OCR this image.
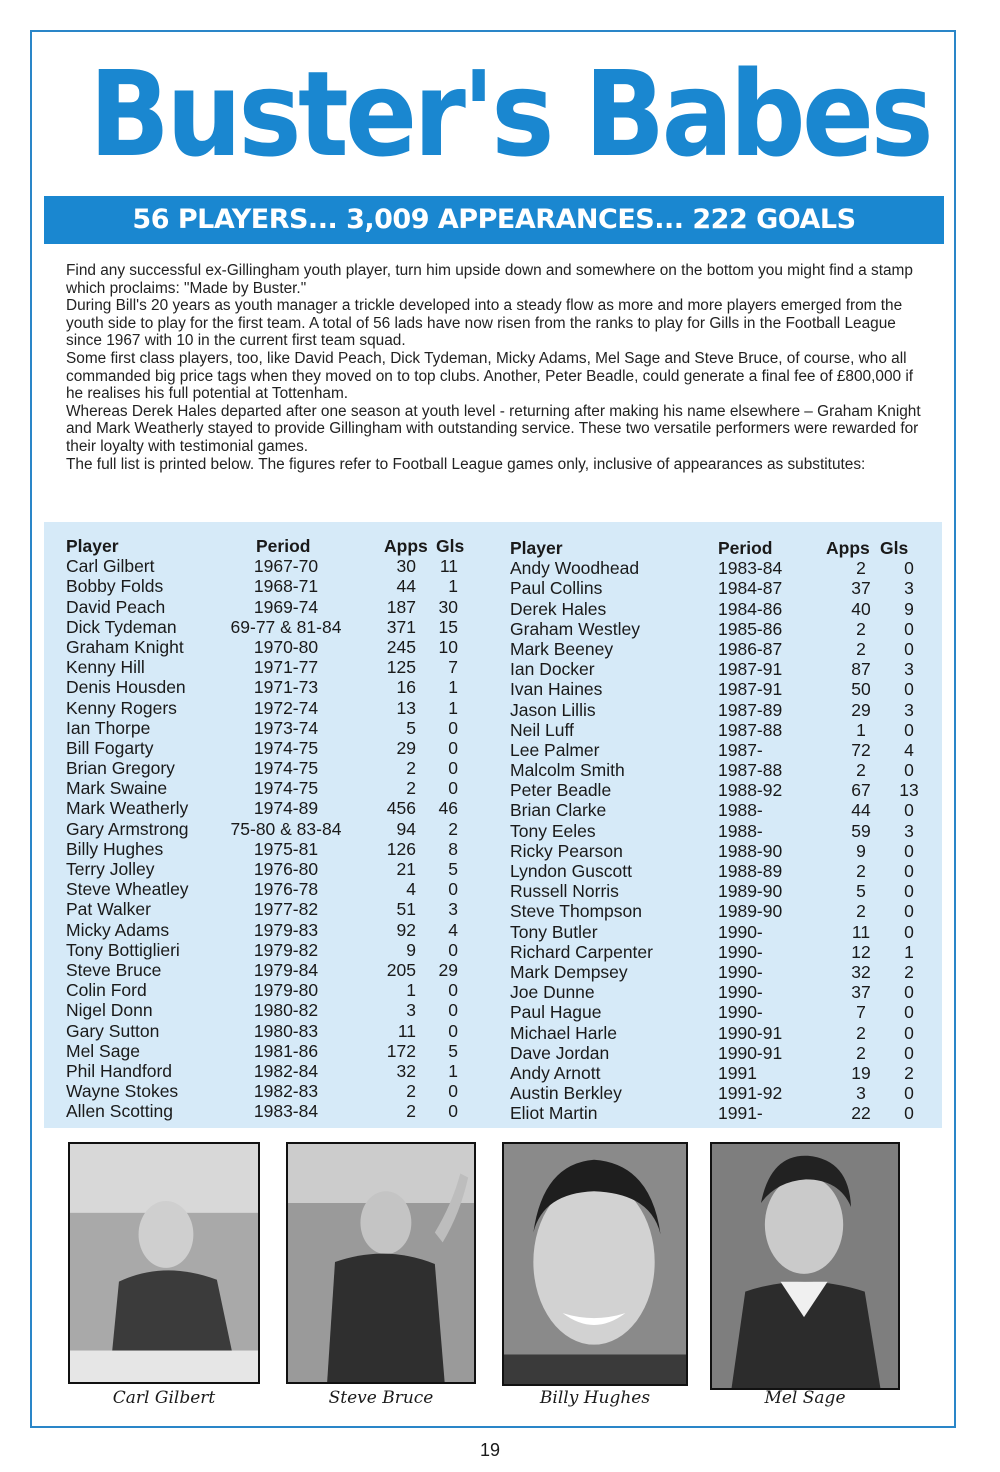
Buster's Babes
56 PLAYERS... 3,009 APPEARANCES... 222 GOALS

Find any successful ex-Gillingham youth player, turn him upside down and somewhere on the bottom you might find a stamp which proclaims: "Made by Buster."

During Bill's 20 years as youth manager a trickle developed into a steady flow as more and more players emerged from the youth side to play for the first team. A total of 56 lads have now risen from the ranks to play for Gills in the Football League since 1967 with 10 in the current first team squad.

Some first class players, too, like David Peach, Dick Tydeman, Micky Adams, Mel Sage and Steve Bruce, of course, who all commanded big price tags when they moved on to top clubs. Another, Peter Beadle, could generate a final fee of £800,000 if he realises his full potential at Tottenham.

Whereas Derek Hales departed after one season at youth level - returning after making his name elsewhere – Graham Knight and Mark Weatherly stayed to provide Gillingham with outstanding service. These two versatile performers were rewarded for their loyalty with testimonial games.

The full list is printed below. The figures refer to Football League games only, inclusive of appearances as substitutes:

Player	Period	Apps Gls
Carl Gilbert	1967-70	30	11
Bobby Folds	1968-71	44	1
David Peach	1969-74	187	30
Dick Tydeman	69-77 & 81-84	371	15
Graham Knight	1970-80	245	10
Kenny Hill	1971-77	125	7
Denis Housden	1971-73	16	1
Kenny Rogers	1972-74	13	1
Ian Thorpe	1973-74	5	0
Bill Fogarty	1974-75	29	0
Brian Gregory	1974-75	2	0
Mark Swaine	1974-75	2	0
Mark Weatherly	1974-89	456	46
Gary Armstrong 75-80 & 83-84	94	2
Billy Hughes	1975-81	126	8
Terry Jolley	1976-80	21	5
Steve Wheatley	1976-78	4	0
Pat Walker	1977-82	51	3
Micky Adams	1979-83	92	4
Tony Bottiglieri	1979-82	9	0
Steve Bruce	1979-84	205	29
Colin Ford	1979-80	1	0
Nigel Donn	1980-82	3	0
Gary Sutton	1980-83	11	0
Mel Sage	1981-86	172	5
Phil Handford	1982-84	32	1
Wayne Stokes	1982-83	2	0
Allen Scotting	1983-84	2	0
Player	Period	Apps Gls
Andy Woodhead	1983-84	2	0
Paul Collins	1984-87	37	3
Derek Hales	1984-86	40	9
Graham Westley	1985-86	2	0
Mark Beeney	1986-87	2	0
Ian Docker	1987-91	87	3
Ivan Haines	1987-91	50	0
Jason Lillis	1987-89	29	3
Neil Luff	1987-88	1	0
Lee Palmer	1987-	72	4
Malcolm Smith	1987-88	2	0
Peter Beadle	1988-92	67	13
Brian Clarke	1988-	44	0
Tony Eeles	1988-	59	3
Ricky Pearson	1988-90	9	0
Lyndon Guscott	1988-89	2	0
Russell Norris	1989-90	5	0
Steve Thompson	1989-90	2	0
Tony Butler	1990-	11	0
Richard Carpenter	1990-	12	1
Mark Dempsey	1990-	32	2
Joe Dunne	1990-	37	0
Paul Hague	1990-	7	0
Michael Harle	1990-91	2	0
Dave Jordan	1990-91	2	0
Andy Arnott	1991	19	2
Austin Berkley	1991-92	3	0
Eliot Martin	1991-	22	0
Carl Gilbert	Steve Bruce	Billy Hughes	Mel Sage
19
